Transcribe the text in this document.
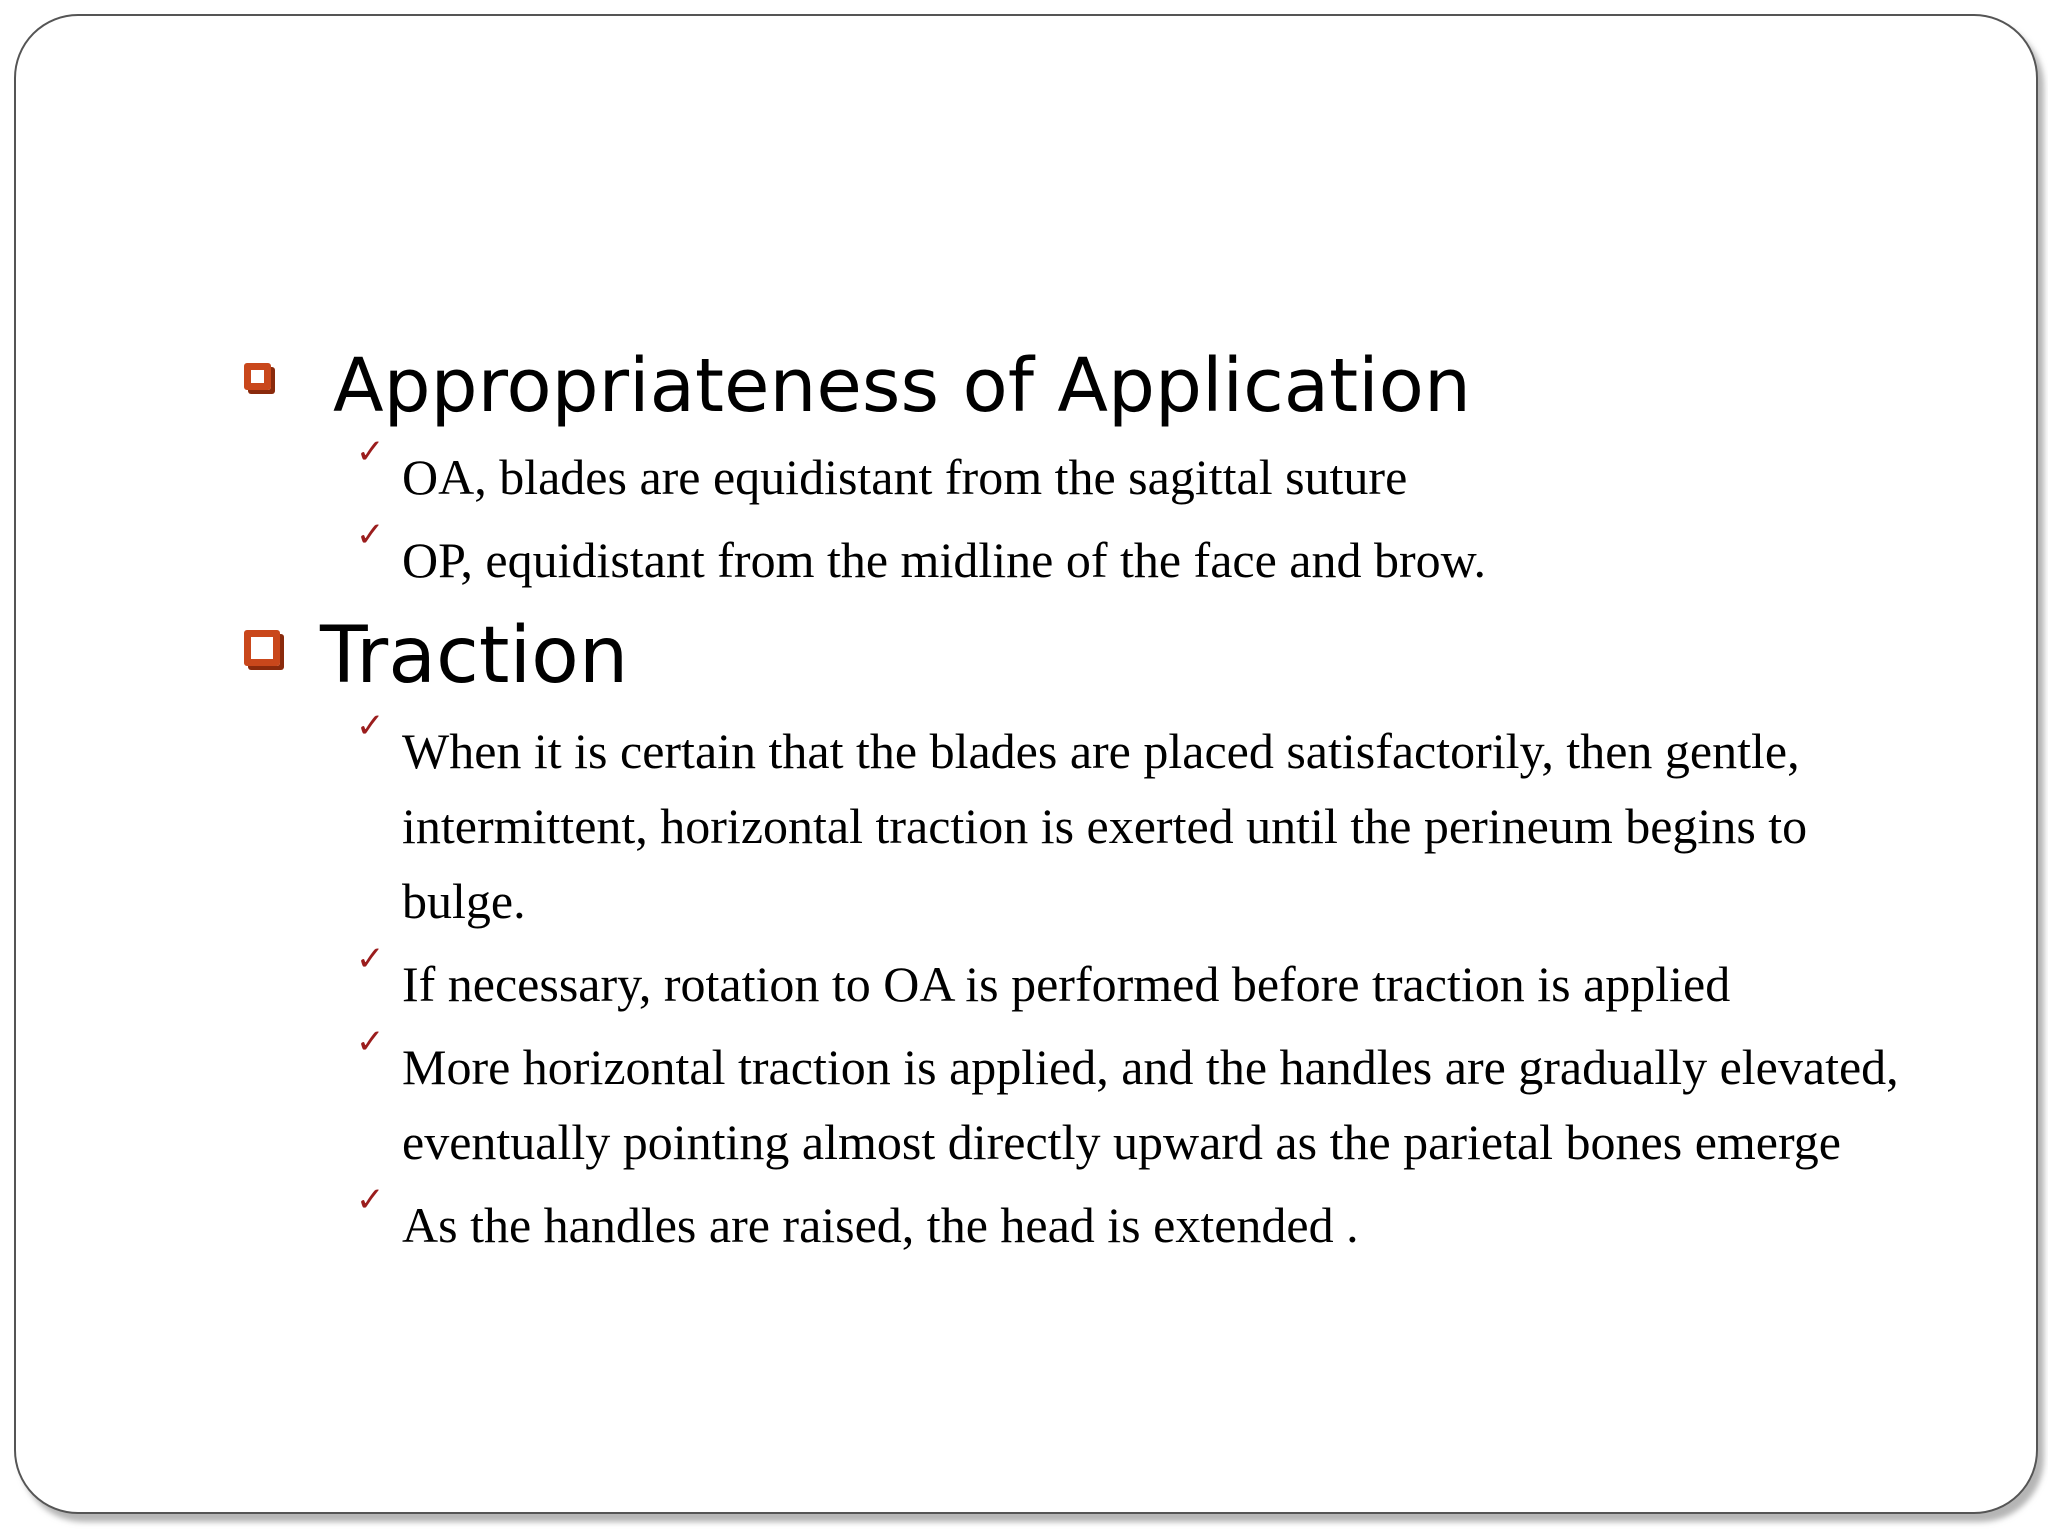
Appropriateness of Application
✓ OA, blades are equidistant from the sagittal suture
✓ OP, equidistant from the midline of the face and brow.
Traction
✓ When it is certain that the blades are placed satisfactorily, then gentle, intermittent, horizontal traction is exerted until the perineum begins to bulge.
✓ If necessary, rotation to OA is performed before traction is applied
✓ More horizontal traction is applied, and the handles are gradually elevated, eventually pointing almost directly upward as the parietal bones emerge
✓ As the handles are raised, the head is extended .
